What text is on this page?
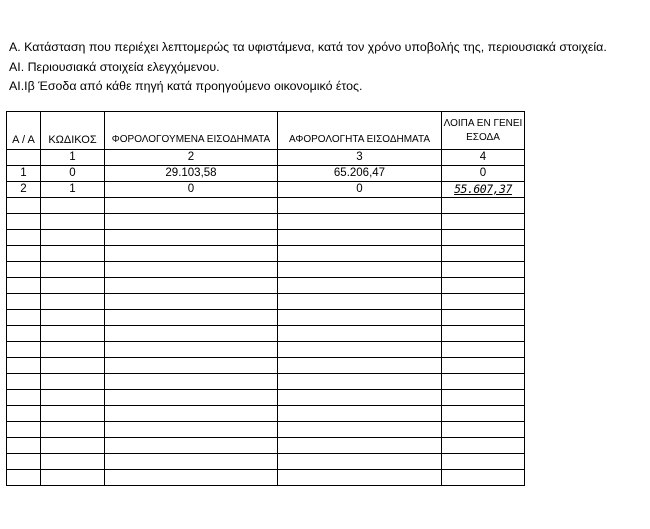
Α. Κατάσταση που περιέχει λεπτομερώς τα υφιστάμενα, κατά τον χρόνο υποβολής της, περιουσιακά στοιχεία.
ΑΙ. Περιουσιακά στοιχεία ελεγχόμενου.
ΑΙ.Ιβ Έσοδα από κάθε πηγή κατά προηγούμενο οικονομικό έτος.
Α / Α	ΚΩΔΙΚΟΣ	ΦΟΡΟΛΟΓΟΥΜΕΝΑ ΕΙΣΟΔΗΜΑΤΑ	ΑΦΟΡΟΛΟΓΗΤΑ ΕΙΣΟΔΗΜΑΤΑ	ΛΟΙΠΑ ΕΝ ΓΕΝΕΙ ΕΣΟΔΑ
	1	2	3	4
1	0	29.103,58	65.206,47	0
2	1	0	0	55.607,37
